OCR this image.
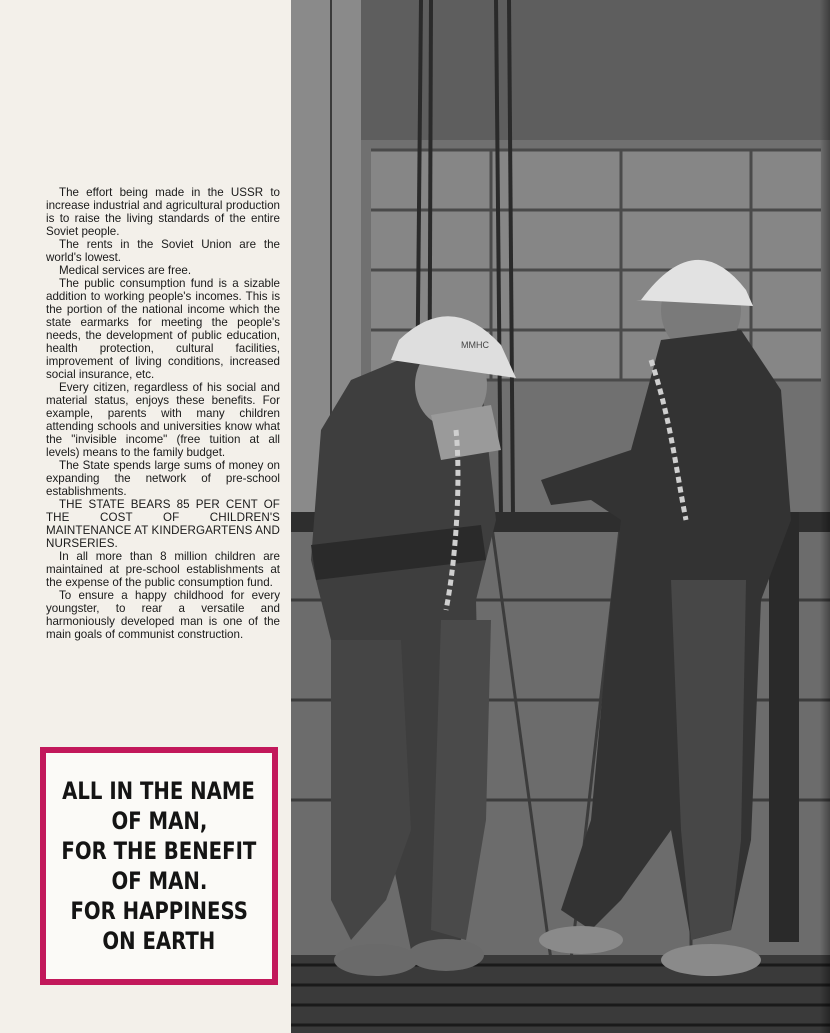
The effort being made in the USSR to increase industrial and agricultural production is to raise the living standards of the entire Soviet people.

The rents in the Soviet Union are the world's lowest.

Medical services are free.

The public consumption fund is a sizable addition to working people's incomes. This is the portion of the national income which the state earmarks for meeting the people's needs, the development of public education, health protection, cultural facilities, improvement of living conditions, increased social insurance, etc.

Every citizen, regardless of his social and material status, enjoys these benefits. For example, parents with many children attending schools and universities know what the "invisible income" (free tuition at all levels) means to the family budget.

The State spends large sums of money on expanding the network of pre-school establishments.

THE STATE BEARS 85 PER CENT OF THE COST OF CHILDREN'S MAINTENANCE AT KINDERGARTENS AND NURSERIES.

In all more than 8 million children are maintained at pre-school establishments at the expense of the public consumption fund.

To ensure a happy childhood for every youngster, to rear a versatile and harmoniously developed man is one of the main goals of communist construction.

ALL IN THE NAME
OF MAN,
FOR THE BENEFIT
OF MAN.
FOR HAPPINESS
ON EARTH
MMHC
